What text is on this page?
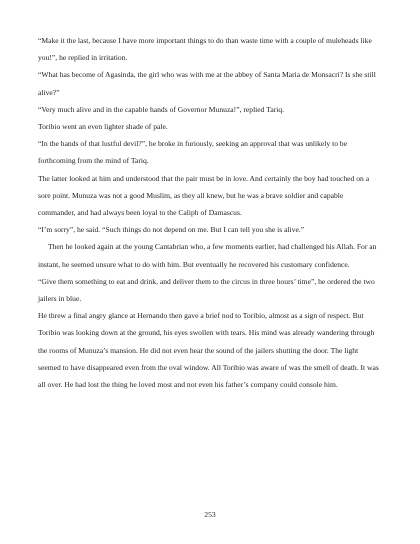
“Make it the last, because I have more important things to do than waste time with a couple of muleheads like you!”, he replied in irritation.

“What has become of Agasinda, the girl who was with me at the abbey of Santa Maria de Monsacri? Is she still alive?”

“Very much alive and in the capable hands of Governor Munuza!”, replied Tariq.

Toribio went an even lighter shade of pale.

“In the hands of that lustful devil?”, he broke in furiously, seeking an approval that was unlikely to be forthcoming from the mind of Tariq.

The latter looked at him and understood that the pair must be in love. And certainly the boy had touched on a sore point. Munuza was not a good Muslim, as they all knew, but he was a brave soldier and capable commander, and had always been loyal to the Caliph of Damascus.

“I’m sorry”, he said. “Such things do not depend on me. But I can tell you she is alive.”

Then he looked again at the young Cantabrian who, a few moments earlier, had challenged his Allah. For an instant, he seemed unsure what to do with him. But eventually he recovered his customary confidence.

“Give them something to eat and drink, and deliver them to the circus in three hours’ time”, he ordered the two jailers in blue.

He threw a final angry glance at Hernando then gave a brief nod to Toribio, almost as a sign of respect. But Toribio was looking down at the ground, his eyes swollen with tears. His mind was already wandering through the rooms of Munuza’s mansion. He did not even hear the sound of the jailers shutting the door. The light seemed to have disappeared even from the oval window. All Toribio was aware of was the smell of death. It was all over. He had lost the thing he loved most and not even his father’s company could console him.

253
